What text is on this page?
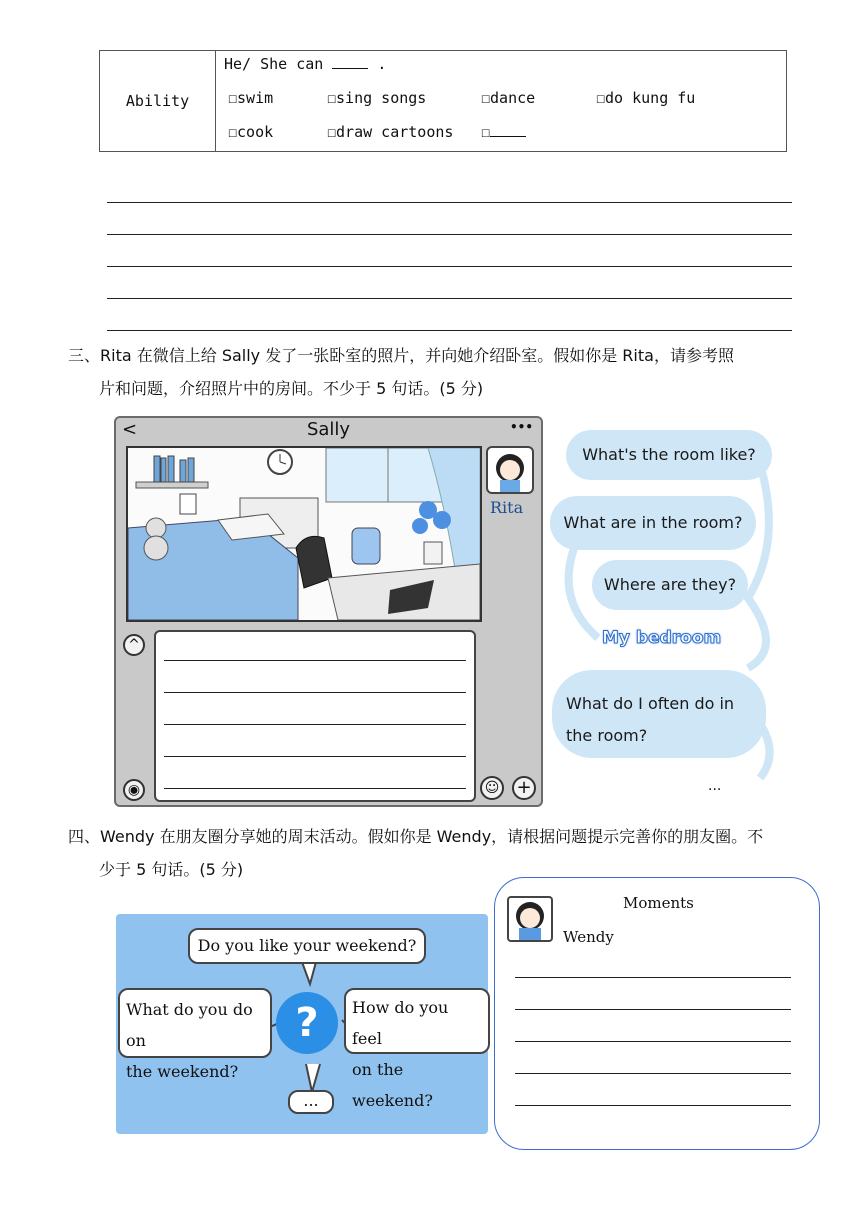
Ability
He/ She can	.
☐swim	☐sing songs	☐dance	☐do kung fu
☐cook	☐draw cartoons ☐
三、Rita 在微信上给 Sally 发了一张卧室的照片，并向她介绍卧室。假如你是 Rita，请参考照
片和问题，介绍照片中的房间。不少于 5 句话。(5 分)
<	Sally	•••
Rita
^
◉	☺ +
What's the room like?
What are in the room?
Where are they?
My bedroom
What do I often do in
the room?
...
四、Wendy 在朋友圈分享她的周末活动。假如你是 Wendy，请根据问题提示完善你的朋友圈。不
少于 5 句话。(5 分)
Do you like your weekend?
What do you do on
the weekend?
?	How do you feel
on the weekend?
...
Moments
Wendy
